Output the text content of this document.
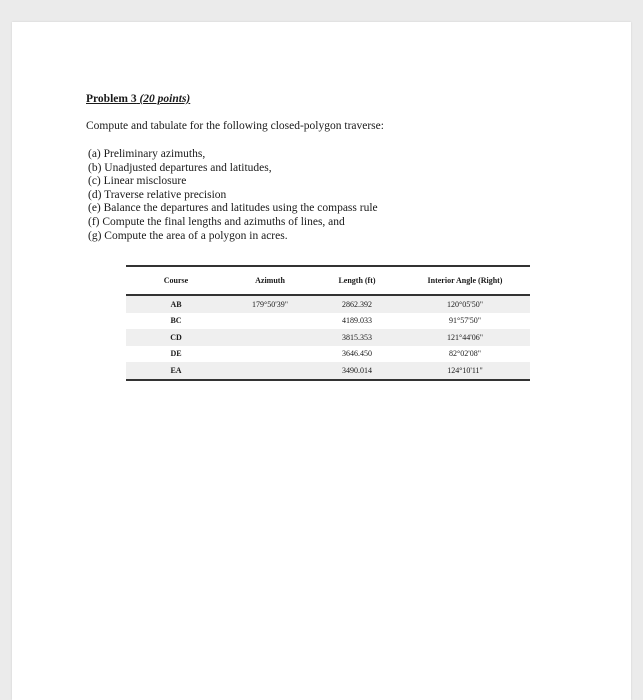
Problem 3 (20 points)

Compute and tabulate for the following closed-polygon traverse:

(a) Preliminary azimuths,
(b) Unadjusted departures and latitudes,
(c) Linear misclosure
(d) Traverse relative precision
(e) Balance the departures and latitudes using the compass rule
(f) Compute the final lengths and azimuths of lines, and
(g) Compute the area of a polygon in acres.
Course	Azimuth	Length (ft)	Interior Angle (Right)
AB	179°50'39"	2862.392	120°05'50"
BC		4189.033	91°57'50"
CD		3815.353	121°44'06"
DE		3646.450	82°02'08"
EA		3490.014	124°10'11"
